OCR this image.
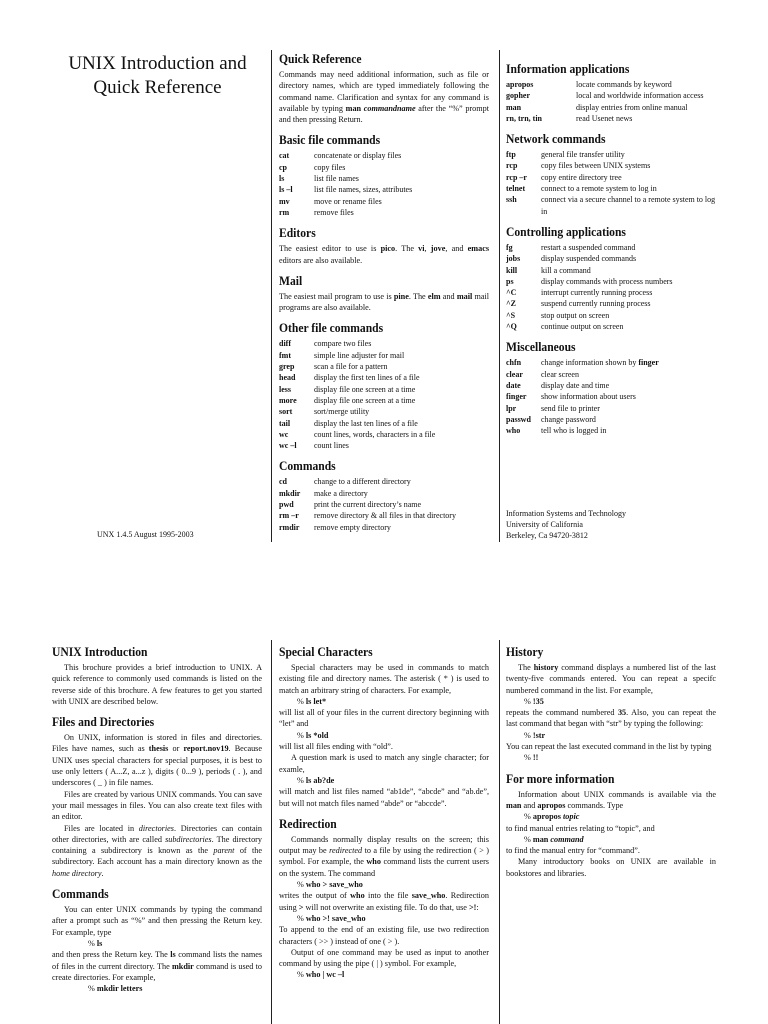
UNIX Introduction and
Quick Reference
UNX 1.4.5 August 1995-2003
Quick Reference

Commands may need additional information, such as file or directory names, which are typed immediately following the command name. Clarification and syntax for any command is available by typing man commandname after the “%” prompt and then pressing Return.

Basic file commands
cat	concatenate or display files
cp	copy files
ls	list file names
ls –l	list file names, sizes, attributes
mv	move or rename files
rm	remove files
Editors

The easiest editor to use is pico. The vi, jove, and emacs editors are also available.

Mail

The easiest mail program to use is pine. The elm and mail mail programs are also available.

Other file commands
diff	compare two files
fmt	simple line adjuster for mail
grep	scan a file for a pattern
head	display the first ten lines of a file
less	display file one screen at a time
more	display file one screen at a time
sort	sort/merge utility
tail	display the last ten lines of a file
wc	count lines, words, characters in a file
wc –l	count lines
Commands
cd	change to a different directory
mkdir	make a directory
pwd	print the current directory’s name
rm –r	remove directory & all files in that directory
rmdir	remove empty directory
Information applications
apropos	locate commands by keyword
gopher	local and worldwide information access
man	display entries from online manual
rn, trn, tin	read Usenet news
Network commands
ftp	general file transfer utility
rcp	copy files between UNIX systems
rcp –r	copy entire directory tree
telnet	connect to a remote system to log in
ssh	connect via a secure channel to a remote system to log in
Controlling applications
fg	restart a suspended command
jobs	display suspended commands
kill	kill a command
ps	display commands with process numbers
^C	interrupt currently running process
^Z	suspend currently running process
^S	stop output on screen
^Q	continue output on screen
Miscellaneous
chfn	change information shown by finger
clear	clear screen
date	display date and time
finger	show information about users
lpr	send file to printer
passwd	change password
who	tell who is logged in
Information Systems and Technology
University of California
Berkeley, Ca 94720-3812
UNIX Introduction

This brochure provides a brief introduction to UNIX. A quick reference to commonly used commands is listed on the reverse side of this brochure. A few features to get you started with UNIX are described below.

Files and Directories

On UNIX, information is stored in files and directories. Files have names, such as thesis or report.nov19. Because UNIX uses special characters for special purposes, it is best to use only letters ( A...Z, a...z ), digits ( 0...9 ), periods ( . ), and underscores ( _ ) in file names.

Files are created by various UNIX commands. You can save your mail messages in files. You can also create text files with an editor.

Files are located in directories. Directories can contain other directories, with are called subdirectories. The directory containing a subdirectory is known as the parent of the subdirectory. Each account has a main directory known as the home directory.

Commands

You can enter UNIX commands by typing the command after a prompt such as “%” and then pressing the Return key. For example, type

% ls

and then press the Return key. The ls command lists the names of files in the current directory. The mkdir command is used to create directories. For example,

% mkdir letters

Special Characters

Special characters may be used in commands to match existing file and directory names. The asterisk ( * ) is used to match an arbitrary string of characters. For example,

% ls let*

will list all of your files in the current directory beginning with “let” and

% ls *old

will list all files ending with “old”.

A question mark is used to match any single character; for examle,

% ls ab?de

will match and list files named “ab1de”, “abcde” and “ab.de”, but will not match files named “abde” or “abccde”.

Redirection

Commands normally display results on the screen; this output may be redirected to a file by using the redirection ( > ) symbol. For example, the who command lists the current users on the system. The command

% who > save_who

writes the output of who into the file save_who. Redirection using > will not overwrite an existing file. To do that, use >!:

% who >! save_who

To append to the end of an existing file, use two redirection characters ( >> ) instead of one ( > ).

Output of one command may be used as input to another command by using the pipe ( | ) symbol. For example,

% who | wc –l

History

The history command displays a numbered list of the last twenty-five commands entered. You can repeat a specifc numbered command in the list. For example,

% !35

repeats the command numbered 35. Also, you can repeat the last command that began with “str” by typing the following:

% !str

You can repeat the last executed command in the list by typing

% !!

For more information

Information about UNIX commands is available via the man and apropos commands. Type

% apropos topic

to find manual entries relating to “topic”, and

% man command

to find the manual entry for “command”.

Many introductory books on UNIX are available in bookstores and libraries.
